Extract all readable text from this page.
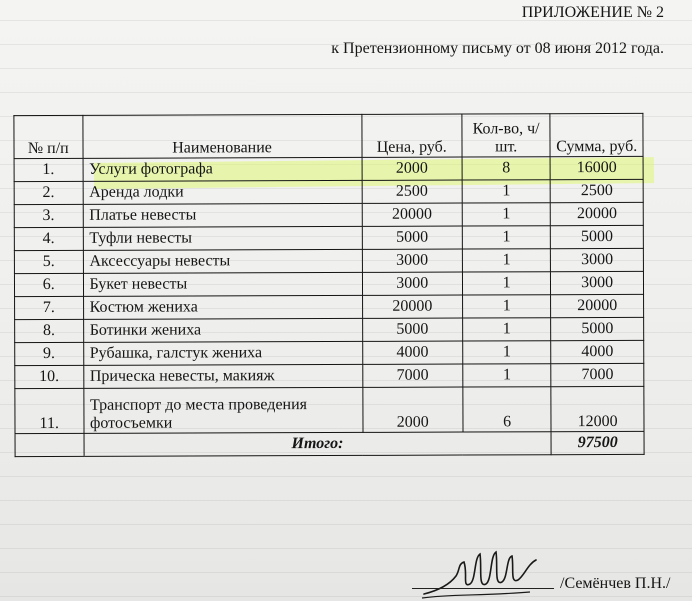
ПРИЛОЖЕНИЕ № 2
к Претензионному письму от 08 июня 2012 года.
№ п/п	Наименование	Цена, руб.	Кол-во, ч/шт.	Сумма, руб.
1.	Услуги фотографа	2000	8	16000
2.	Аренда лодки	2500	1	2500
3.	Платье невесты	20000	1	20000
4.	Туфли невесты	5000	1	5000
5.	Аксессуары невесты	3000	1	3000
6.	Букет невесты	3000	1	3000
7.	Костюм жениха	20000	1	20000
8.	Ботинки жениха	5000	1	5000
9.	Рубашка, галстук жениха	4000	1	4000
10.	Прическа невесты, макияж	7000	1	7000
11.	Транспорт до места проведения фотосъемки	2000	6	12000
	Итого:			97500
/Семёнчев П.Н./
